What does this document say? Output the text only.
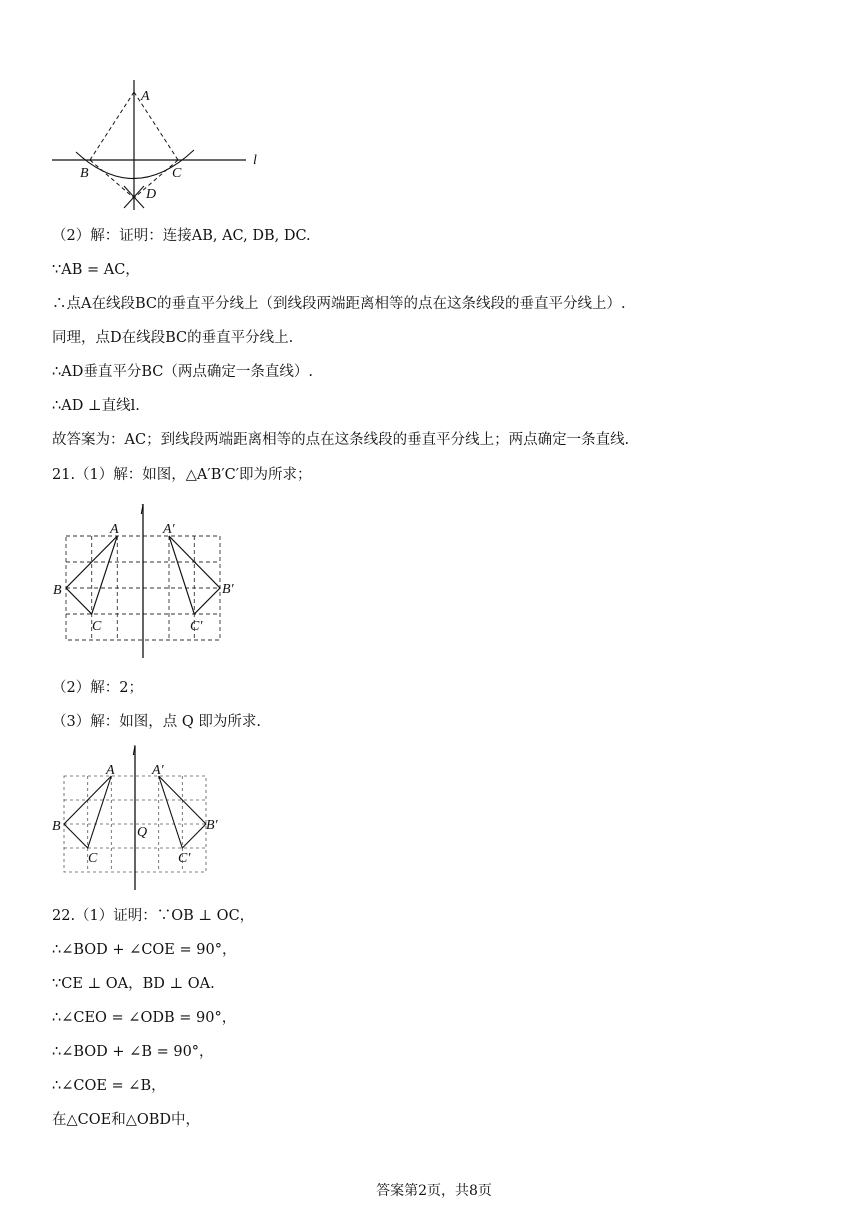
A
B	C
D
l
（2）解：证明：连接AB, AC, DB, DC.
∵AB = AC，
∴点A在线段BC的垂直平分线上（到线段两端距离相等的点在这条线段的垂直平分线上）.
同理，点D在线段BC的垂直平分线上.
∴AD垂直平分BC（两点确定一条直线）.
∴AD ⊥直线l.
故答案为：AC；到线段两端距离相等的点在这条线段的垂直平分线上；两点确定一条直线.
21.（1）解：如图，△A′B′C′即为所求；
l
A
B
C
A′
B′
C′
（2）解：2；
（3）解：如图，点 Q 即为所求.
l
A
B
C
A′
B′
C′
Q
22.（1）证明：∵OB ⊥ OC，
∴∠BOD + ∠COE = 90°，
∵CE ⊥ OA，BD ⊥ OA.
∴∠CEO = ∠ODB = 90°，
∴∠BOD + ∠B = 90°，
∴∠COE = ∠B，
在△COE和△OBD中，
答案第2页，共8页
